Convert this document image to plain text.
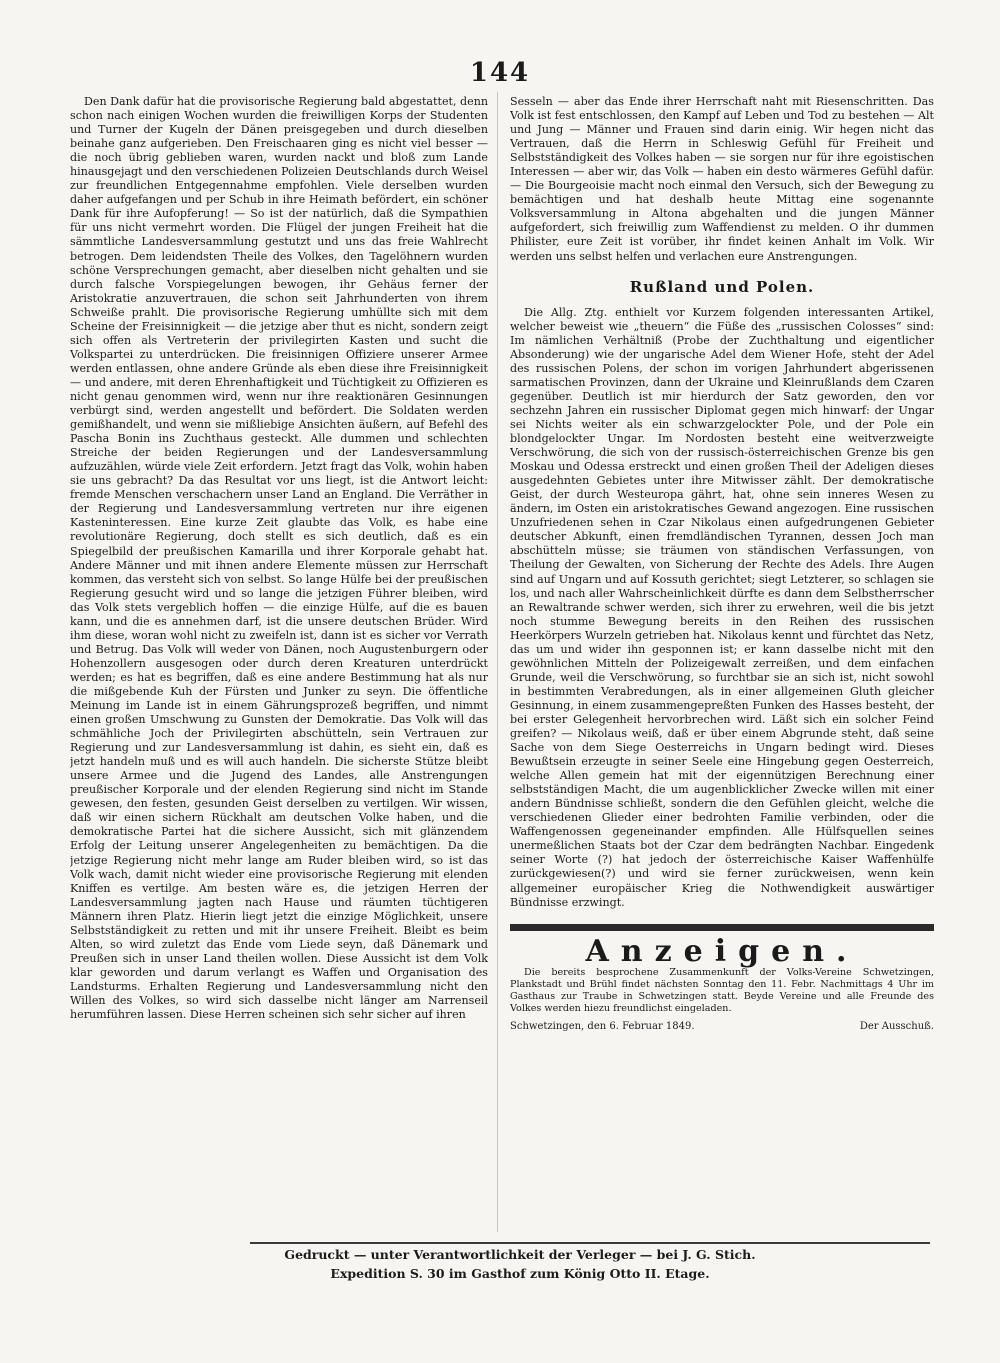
144

Den Dank dafür hat die provisorische Regierung bald abgestattet, denn schon nach einigen Wochen wurden die freiwilligen Korps der Studenten und Turner der Kugeln der Dänen preisgegeben und durch dieselben beinahe ganz aufgerieben. Den Freischaaren ging es nicht viel besser — die noch übrig geblieben waren, wurden nackt und bloß zum Lande hinausgejagt und den verschiedenen Polizeien Deutschlands durch Weisel zur freundlichen Entgegennahme empfohlen. Viele derselben wurden daher aufgefangen und per Schub in ihre Heimath befördert, ein schöner Dank für ihre Aufopferung! — So ist der natürlich, daß die Sympathien für uns nicht vermehrt worden. Die Flügel der jungen Freiheit hat die sämmtliche Landesversammlung gestutzt und uns das freie Wahlrecht betrogen. Dem leidendsten Theile des Volkes, den Tagelöhnern wurden schöne Versprechungen gemacht, aber dieselben nicht gehalten und sie durch falsche Vorspiegelungen bewogen, ihr Gehäus ferner der Aristokratie anzuvertrauen, die schon seit Jahrhunderten von ihrem Schweiße prahlt. Die provisorische Regierung umhüllte sich mit dem Scheine der Freisinnigkeit — die jetzige aber thut es nicht, sondern zeigt sich offen als Vertreterin der privilegirten Kasten und sucht die Volkspartei zu unterdrücken. Die freisinnigen Offiziere unserer Armee werden entlassen, ohne andere Gründe als eben diese ihre Freisinnigkeit — und andere, mit deren Ehrenhaftigkeit und Tüchtigkeit zu Offizieren es nicht genau genommen wird, wenn nur ihre reaktionären Gesinnungen verbürgt sind, werden angestellt und befördert. Die Soldaten werden gemißhandelt, und wenn sie mißliebige Ansichten äußern, auf Befehl des Pascha Bonin ins Zuchthaus gesteckt. Alle dummen und schlechten Streiche der beiden Regierungen und der Landesversammlung aufzuzählen, würde viele Zeit erfordern. Jetzt fragt das Volk, wohin haben sie uns gebracht? Da das Resultat vor uns liegt, ist die Antwort leicht: fremde Menschen verschachern unser Land an England. Die Verräther in der Regierung und Landesversammlung vertreten nur ihre eigenen Kasteninteressen. Eine kurze Zeit glaubte das Volk, es habe eine revolutionäre Regierung, doch stellt es sich deutlich, daß es ein Spiegelbild der preußischen Kamarilla und ihrer Korporale gehabt hat. Andere Männer und mit ihnen andere Elemente müssen zur Herrschaft kommen, das versteht sich von selbst. So lange Hülfe bei der preußischen Regierung gesucht wird und so lange die jetzigen Führer bleiben, wird das Volk stets vergeblich hoffen — die einzige Hülfe, auf die es bauen kann, und die es annehmen darf, ist die unsere deutschen Brüder. Wird ihm diese, woran wohl nicht zu zweifeln ist, dann ist es sicher vor Verrath und Betrug. Das Volk will weder von Dänen, noch Augustenburgern oder Hohenzollern ausgesogen oder durch deren Kreaturen unterdrückt werden; es hat es begriffen, daß es eine andere Bestimmung hat als nur die mißgebende Kuh der Fürsten und Junker zu seyn. Die öffentliche Meinung im Lande ist in einem Gährungsprozeß begriffen, und nimmt einen großen Umschwung zu Gunsten der Demokratie. Das Volk will das schmähliche Joch der Privilegirten abschütteln, sein Vertrauen zur Regierung und zur Landesversammlung ist dahin, es sieht ein, daß es jetzt handeln muß und es will auch handeln. Die sicherste Stütze bleibt unsere Armee und die Jugend des Landes, alle Anstrengungen preußischer Korporale und der elenden Regierung sind nicht im Stande gewesen, den festen, gesunden Geist derselben zu vertilgen. Wir wissen, daß wir einen sichern Rückhalt am deutschen Volke haben, und die demokratische Partei hat die sichere Aussicht, sich mit glänzendem Erfolg der Leitung unserer Angelegenheiten zu bemächtigen. Da die jetzige Regierung nicht mehr lange am Ruder bleiben wird, so ist das Volk wach, damit nicht wieder eine provisorische Regierung mit elenden Kniffen es vertilge. Am besten wäre es, die jetzigen Herren der Landesversammlung jagten nach Hause und räumten tüchtigeren Männern ihren Platz. Hierin liegt jetzt die einzige Möglichkeit, unsere Selbstständigkeit zu retten und mit ihr unsere Freiheit. Bleibt es beim Alten, so wird zuletzt das Ende vom Liede seyn, daß Dänemark und Preußen sich in unser Land theilen wollen. Diese Aussicht ist dem Volk klar geworden und darum verlangt es Waffen und Organisation des Landsturms. Erhalten Regierung und Landesversammlung nicht den Willen des Volkes, so wird sich dasselbe nicht länger am Narrenseil herumführen lassen. Diese Herren scheinen sich sehr sicher auf ihren

Sesseln — aber das Ende ihrer Herrschaft naht mit Riesenschritten. Das Volk ist fest entschlossen, den Kampf auf Leben und Tod zu bestehen — Alt und Jung — Männer und Frauen sind darin einig. Wir hegen nicht das Vertrauen, daß die Herrn in Schleswig Gefühl für Freiheit und Selbstständigkeit des Volkes haben — sie sorgen nur für ihre egoistischen Interessen — aber wir, das Volk — haben ein desto wärmeres Gefühl dafür. — Die Bourgeoisie macht noch einmal den Versuch, sich der Bewegung zu bemächtigen und hat deshalb heute Mittag eine sogenannte Volksversammlung in Altona abgehalten und die jungen Männer aufgefordert, sich freiwillig zum Waffendienst zu melden. O ihr dummen Philister, eure Zeit ist vorüber, ihr findet keinen Anhalt im Volk. Wir werden uns selbst helfen und verlachen eure Anstrengungen.

Rußland und Polen.

Die Allg. Ztg. enthielt vor Kurzem folgenden interessanten Artikel, welcher beweist wie „theuern“ die Füße des „russischen Colosses“ sind: Im nämlichen Verhältniß (Probe der Zuchthaltung und eigentlicher Absonderung) wie der ungarische Adel dem Wiener Hofe, steht der Adel des russischen Polens, der schon im vorigen Jahrhundert abgerissenen sarmatischen Provinzen, dann der Ukraine und Kleinrußlands dem Czaren gegenüber. Deutlich ist mir hierdurch der Satz geworden, den vor sechzehn Jahren ein russischer Diplomat gegen mich hinwarf: der Ungar sei Nichts weiter als ein schwarzgelockter Pole, und der Pole ein blondgelockter Ungar. Im Nordosten besteht eine weitverzweigte Verschwörung, die sich von der russisch-österreichischen Grenze bis gen Moskau und Odessa erstreckt und einen großen Theil der Adeligen dieses ausgedehnten Gebietes unter ihre Mitwisser zählt. Der demokratische Geist, der durch Westeuropa gährt, hat, ohne sein inneres Wesen zu ändern, im Osten ein aristokratisches Gewand angezogen. Eine russischen Unzufriedenen sehen in Czar Nikolaus einen aufgedrungenen Gebieter deutscher Abkunft, einen fremdländischen Tyrannen, dessen Joch man abschütteln müsse; sie träumen von ständischen Verfassungen, von Theilung der Gewalten, von Sicherung der Rechte des Adels. Ihre Augen sind auf Ungarn und auf Kossuth gerichtet; siegt Letzterer, so schlagen sie los, und nach aller Wahrscheinlichkeit dürfte es dann dem Selbstherrscher an Rewaltrande schwer werden, sich ihrer zu erwehren, weil die bis jetzt noch stumme Bewegung bereits in den Reihen des russischen Heerkörpers Wurzeln getrieben hat. Nikolaus kennt und fürchtet das Netz, das um und wider ihn gesponnen ist; er kann dasselbe nicht mit den gewöhnlichen Mitteln der Polizeigewalt zerreißen, und dem einfachen Grunde, weil die Verschwörung, so furchtbar sie an sich ist, nicht sowohl in bestimmten Verabredungen, als in einer allgemeinen Gluth gleicher Gesinnung, in einem zusammengepreßten Funken des Hasses besteht, der bei erster Gelegenheit hervorbrechen wird. Läßt sich ein solcher Feind greifen? — Nikolaus weiß, daß er über einem Abgrunde steht, daß seine Sache von dem Siege Oesterreichs in Ungarn bedingt wird. Dieses Bewußtsein erzeugte in seiner Seele eine Hingebung gegen Oesterreich, welche Allen gemein hat mit der eigennützigen Berechnung einer selbstständigen Macht, die um augenblicklicher Zwecke willen mit einer andern Bündnisse schließt, sondern die den Gefühlen gleicht, welche die verschiedenen Glieder einer bedrohten Familie verbinden, oder die Waffengenossen gegeneinander empfinden. Alle Hülfsquellen seines unermeßlichen Staats bot der Czar dem bedrängten Nachbar. Eingedenk seiner Worte (?) hat jedoch der österreichische Kaiser Waffenhülfe zurückgewiesen(?) und wird sie ferner zurückweisen, wenn kein allgemeiner europäischer Krieg die Nothwendigkeit auswärtiger Bündnisse erzwingt.

Anzeigen.

Die bereits besprochene Zusammenkunft der Volks-Vereine Schwetzingen, Plankstadt und Brühl findet nächsten Sonntag den 11. Febr. Nachmittags 4 Uhr im Gasthaus zur Traube in Schwetzingen statt. Beyde Vereine und alle Freunde des Volkes werden hiezu freundlichst eingeladen.

Schwetzingen, den 6. Februar 1849.	Der Ausschuß.
Gedruckt — unter Verantwortlichkeit der Verleger — bei J. G. Stich.
Expedition S. 30 im Gasthof zum König Otto II. Etage.
